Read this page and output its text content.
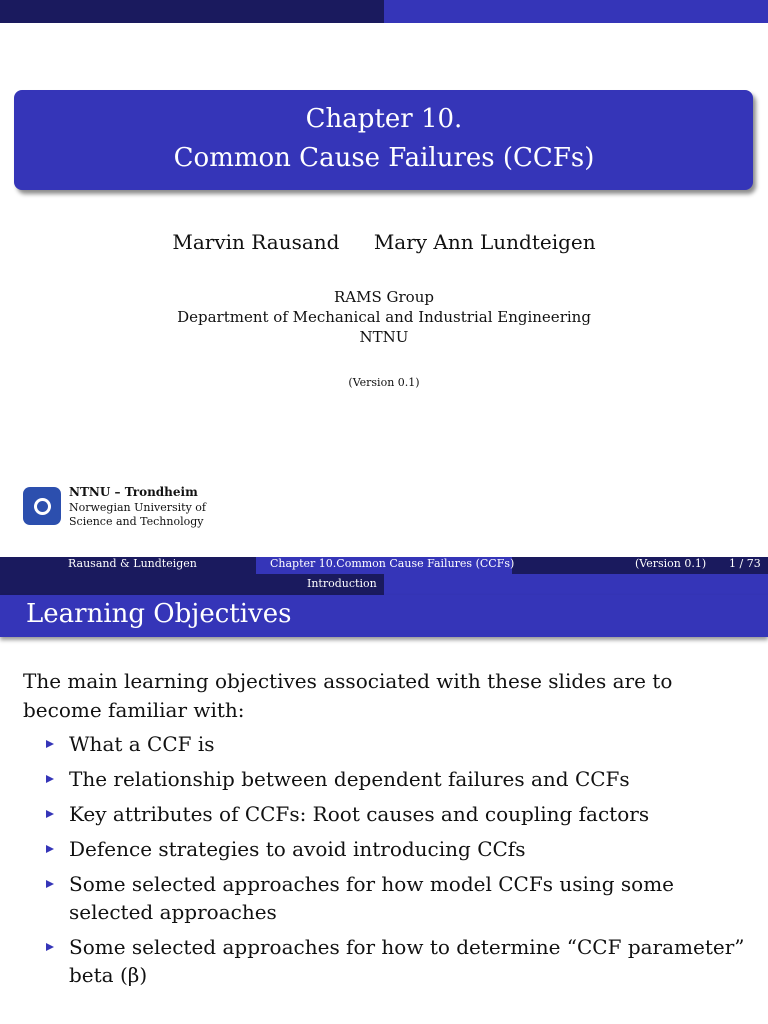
Chapter 10.
Common Cause Failures (CCFs)
Marvin Rausand Mary Ann Lundteigen
RAMS Group
Department of Mechanical and Industrial Engineering
NTNU
(Version 0.1)
NTNU – Trondheim
Norwegian University of
Science and Technology
Rausand & Lundteigen	Chapter 10.Common Cause Failures (CCFs)	(Version 0.1) 1 / 73
Introduction
Learning Objectives
The main learning objectives associated with these slides are to become familiar with:
What a CCF is
The relationship between dependent failures and CCFs
Key attributes of CCFs: Root causes and coupling factors
Defence strategies to avoid introducing CCfs
Some selected approaches for how model CCFs using some selected approaches
Some selected approaches for how to determine “CCF parameter” beta (β)
